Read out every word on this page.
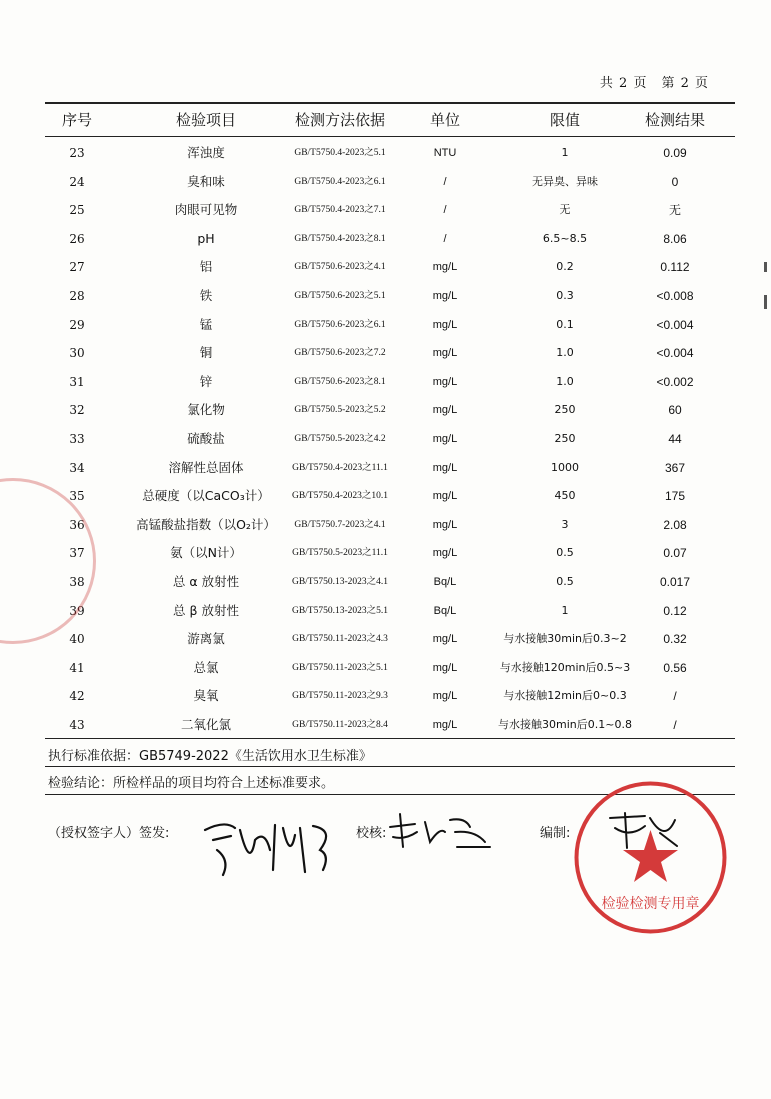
共 2 页　第 2 页
序号	检验项目	检测方法依据	单位	限值	检测结果
23	浑浊度	GB/T5750.4-2023之5.1	NTU	1	0.09
24	臭和味	GB/T5750.4-2023之6.1	/	无异臭、异味	0
25	肉眼可见物	GB/T5750.4-2023之7.1	/	无	无
26	pH	GB/T5750.4-2023之8.1	/	6.5~8.5	8.06
27	铝	GB/T5750.6-2023之4.1	mg/L	0.2	0.112
28	铁	GB/T5750.6-2023之5.1	mg/L	0.3	<0.008
29	锰	GB/T5750.6-2023之6.1	mg/L	0.1	<0.004
30	铜	GB/T5750.6-2023之7.2	mg/L	1.0	<0.004
31	锌	GB/T5750.6-2023之8.1	mg/L	1.0	<0.002
32	氯化物	GB/T5750.5-2023之5.2	mg/L	250	60
33	硫酸盐	GB/T5750.5-2023之4.2	mg/L	250	44
34	溶解性总固体	GB/T5750.4-2023之11.1	mg/L	1000	367
35	总硬度（以CaCO₃计）	GB/T5750.4-2023之10.1	mg/L	450	175
36	高锰酸盐指数（以O₂计）	GB/T5750.7-2023之4.1	mg/L	3	2.08
37	氨（以N计）	GB/T5750.5-2023之11.1	mg/L	0.5	0.07
38	总 α 放射性	GB/T5750.13-2023之4.1	Bq/L	0.5	0.017
39	总 β 放射性	GB/T5750.13-2023之5.1	Bq/L	1	0.12
40	游离氯	GB/T5750.11-2023之4.3	mg/L	与水接触30min后0.3~2	0.32
41	总氯	GB/T5750.11-2023之5.1	mg/L	与水接触120min后0.5~3	0.56
42	臭氧	GB/T5750.11-2023之9.3	mg/L	与水接触12min后0~0.3	/
43	二氧化氯	GB/T5750.11-2023之8.4	mg/L	与水接触30min后0.1~0.8	/
执行标准依据：GB5749-2022《生活饮用水卫生标准》
检验结论：所检样品的项目均符合上述标准要求。
（授权签字人）签发:	校核:	编制:
检验检测专用章
